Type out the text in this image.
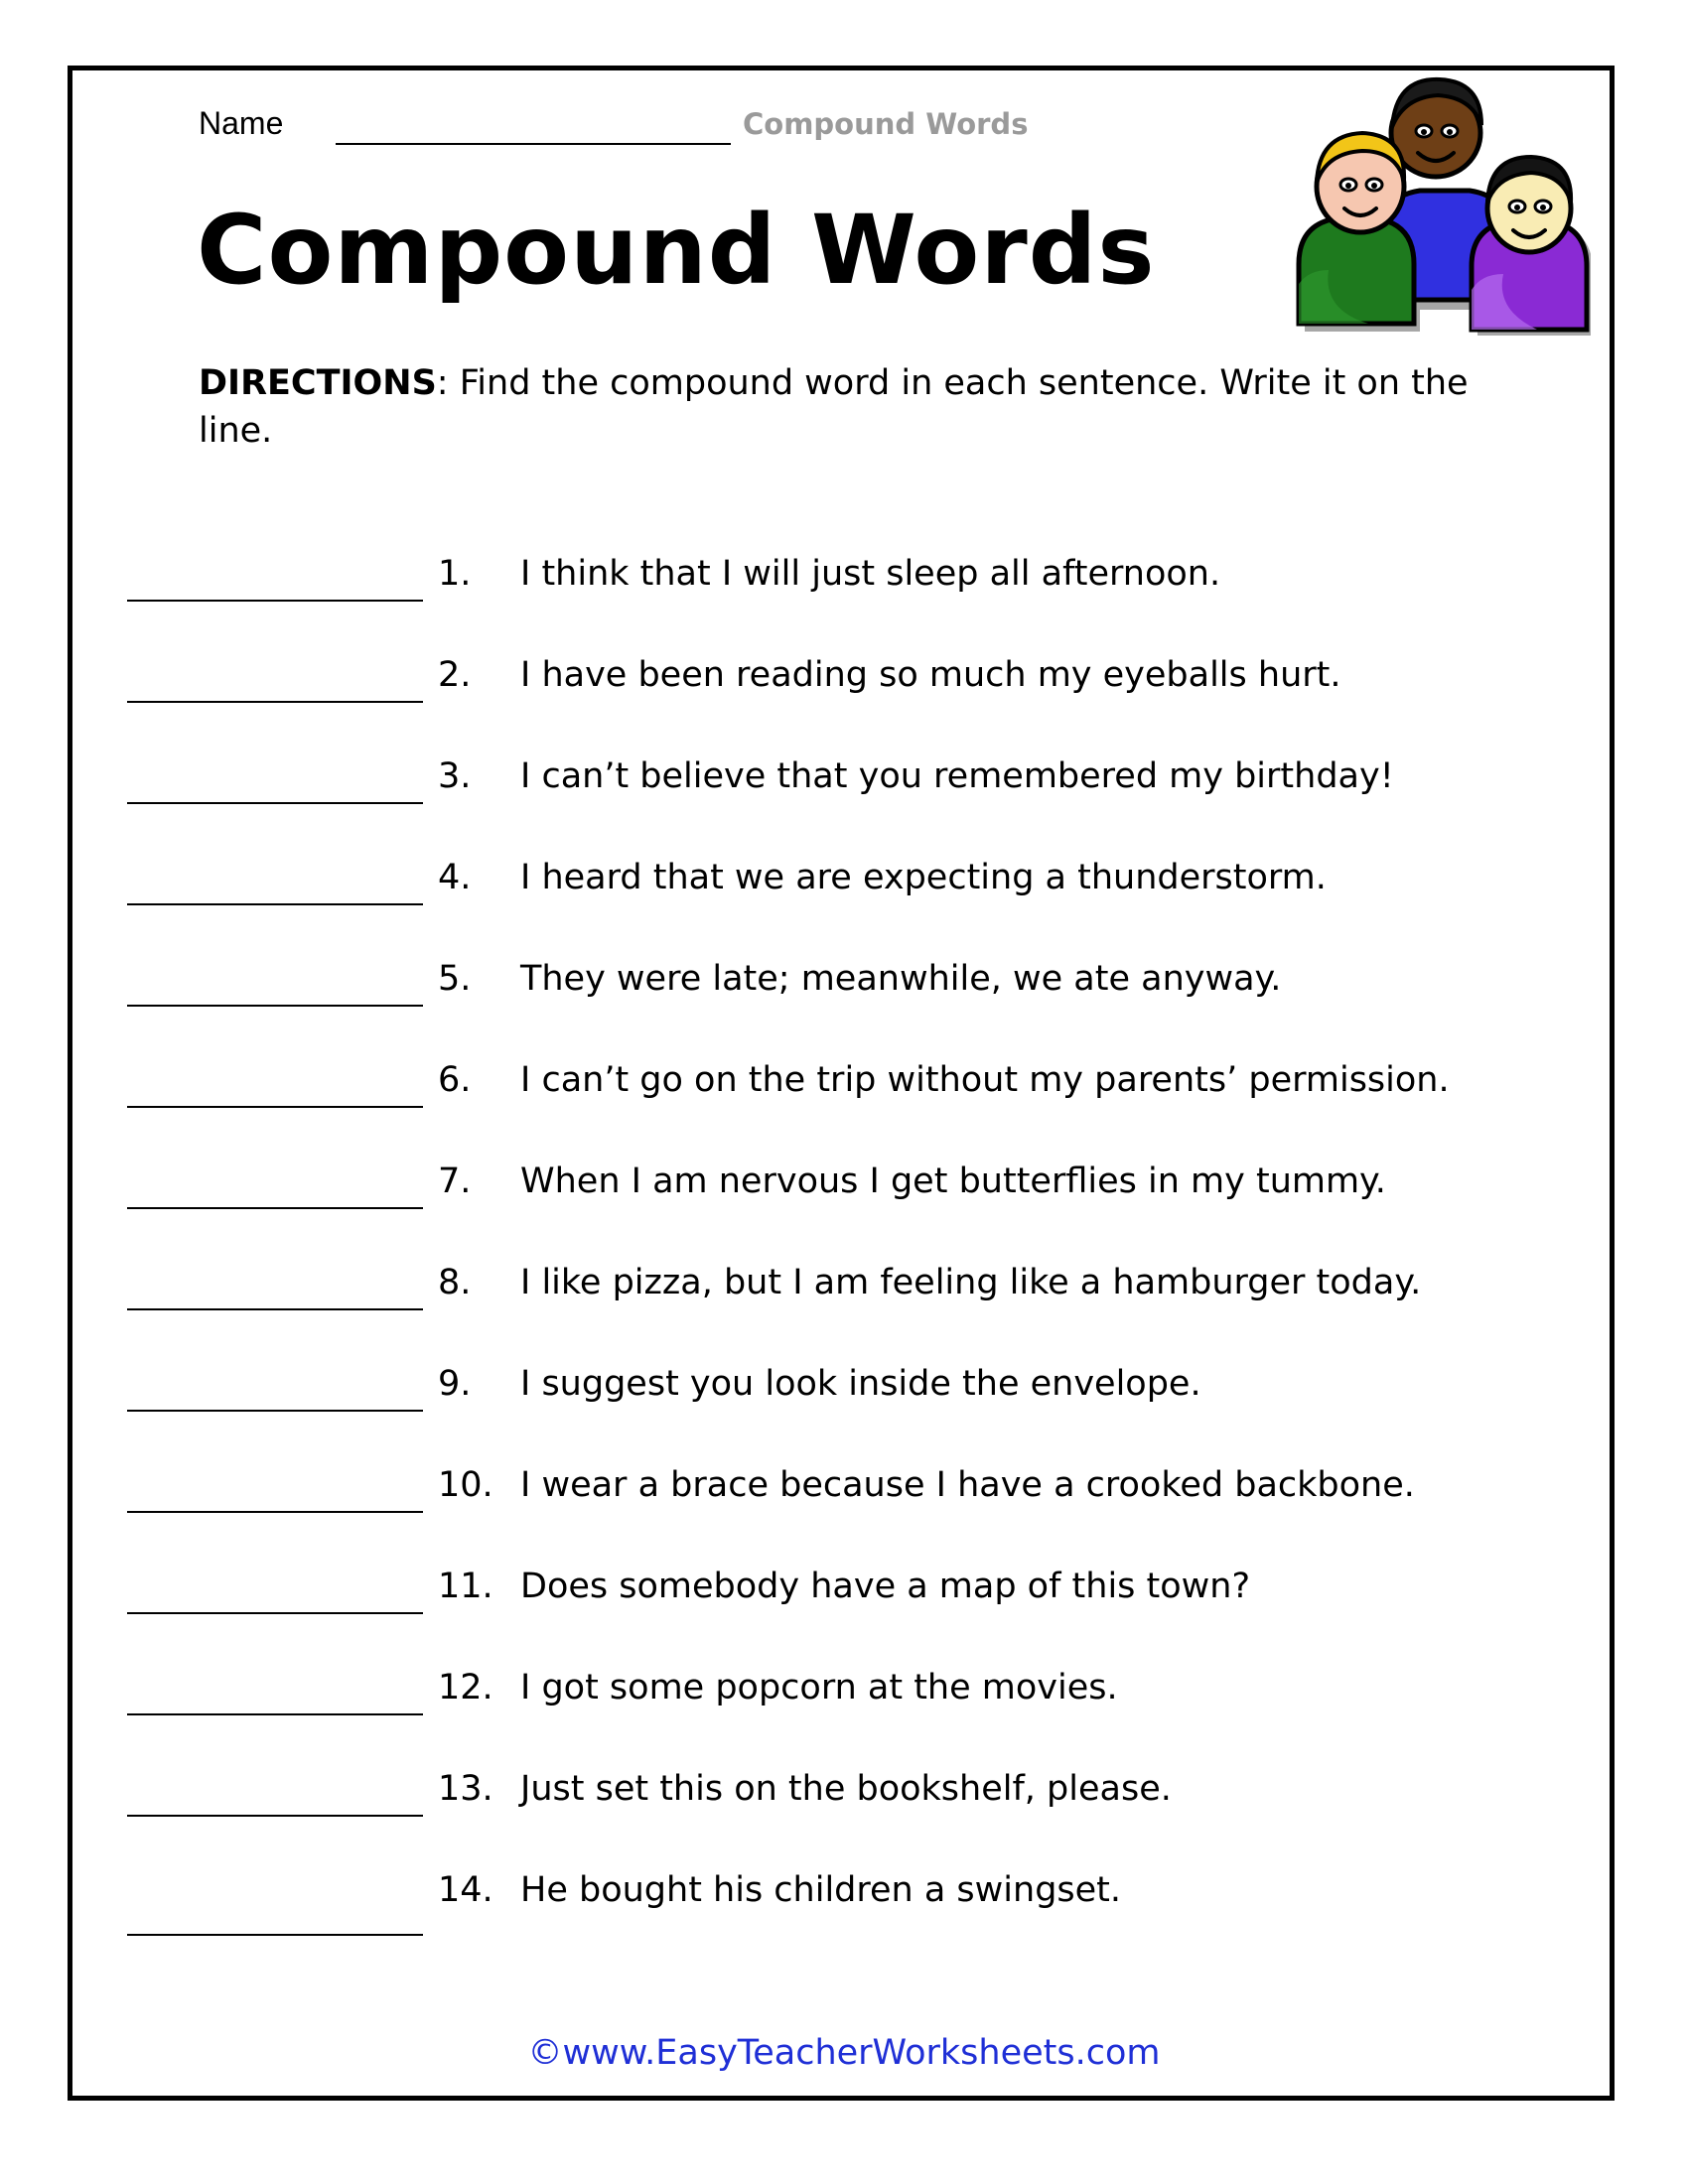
Name	Compound Words
Compound Words
DIRECTIONS: Find the compound word in each sentence. Write it on the line.
1. I think that I will just sleep all afternoon.
2. I have been reading so much my eyeballs hurt.
3. I can’t believe that you remembered my birthday!
4. I heard that we are expecting a thunderstorm.
5. They were late; meanwhile, we ate anyway.
6. I can’t go on the trip without my parents’ permission.
7. When I am nervous I get butterflies in my tummy.
8. I like pizza, but I am feeling like a hamburger today.
9. I suggest you look inside the envelope.
10. I wear a brace because I have a crooked backbone.
11. Does somebody have a map of this town?
12. I got some popcorn at the movies.
13. Just set this on the bookshelf, please.
14. He bought his children a swingset.
©www.EasyTeacherWorksheets.com
